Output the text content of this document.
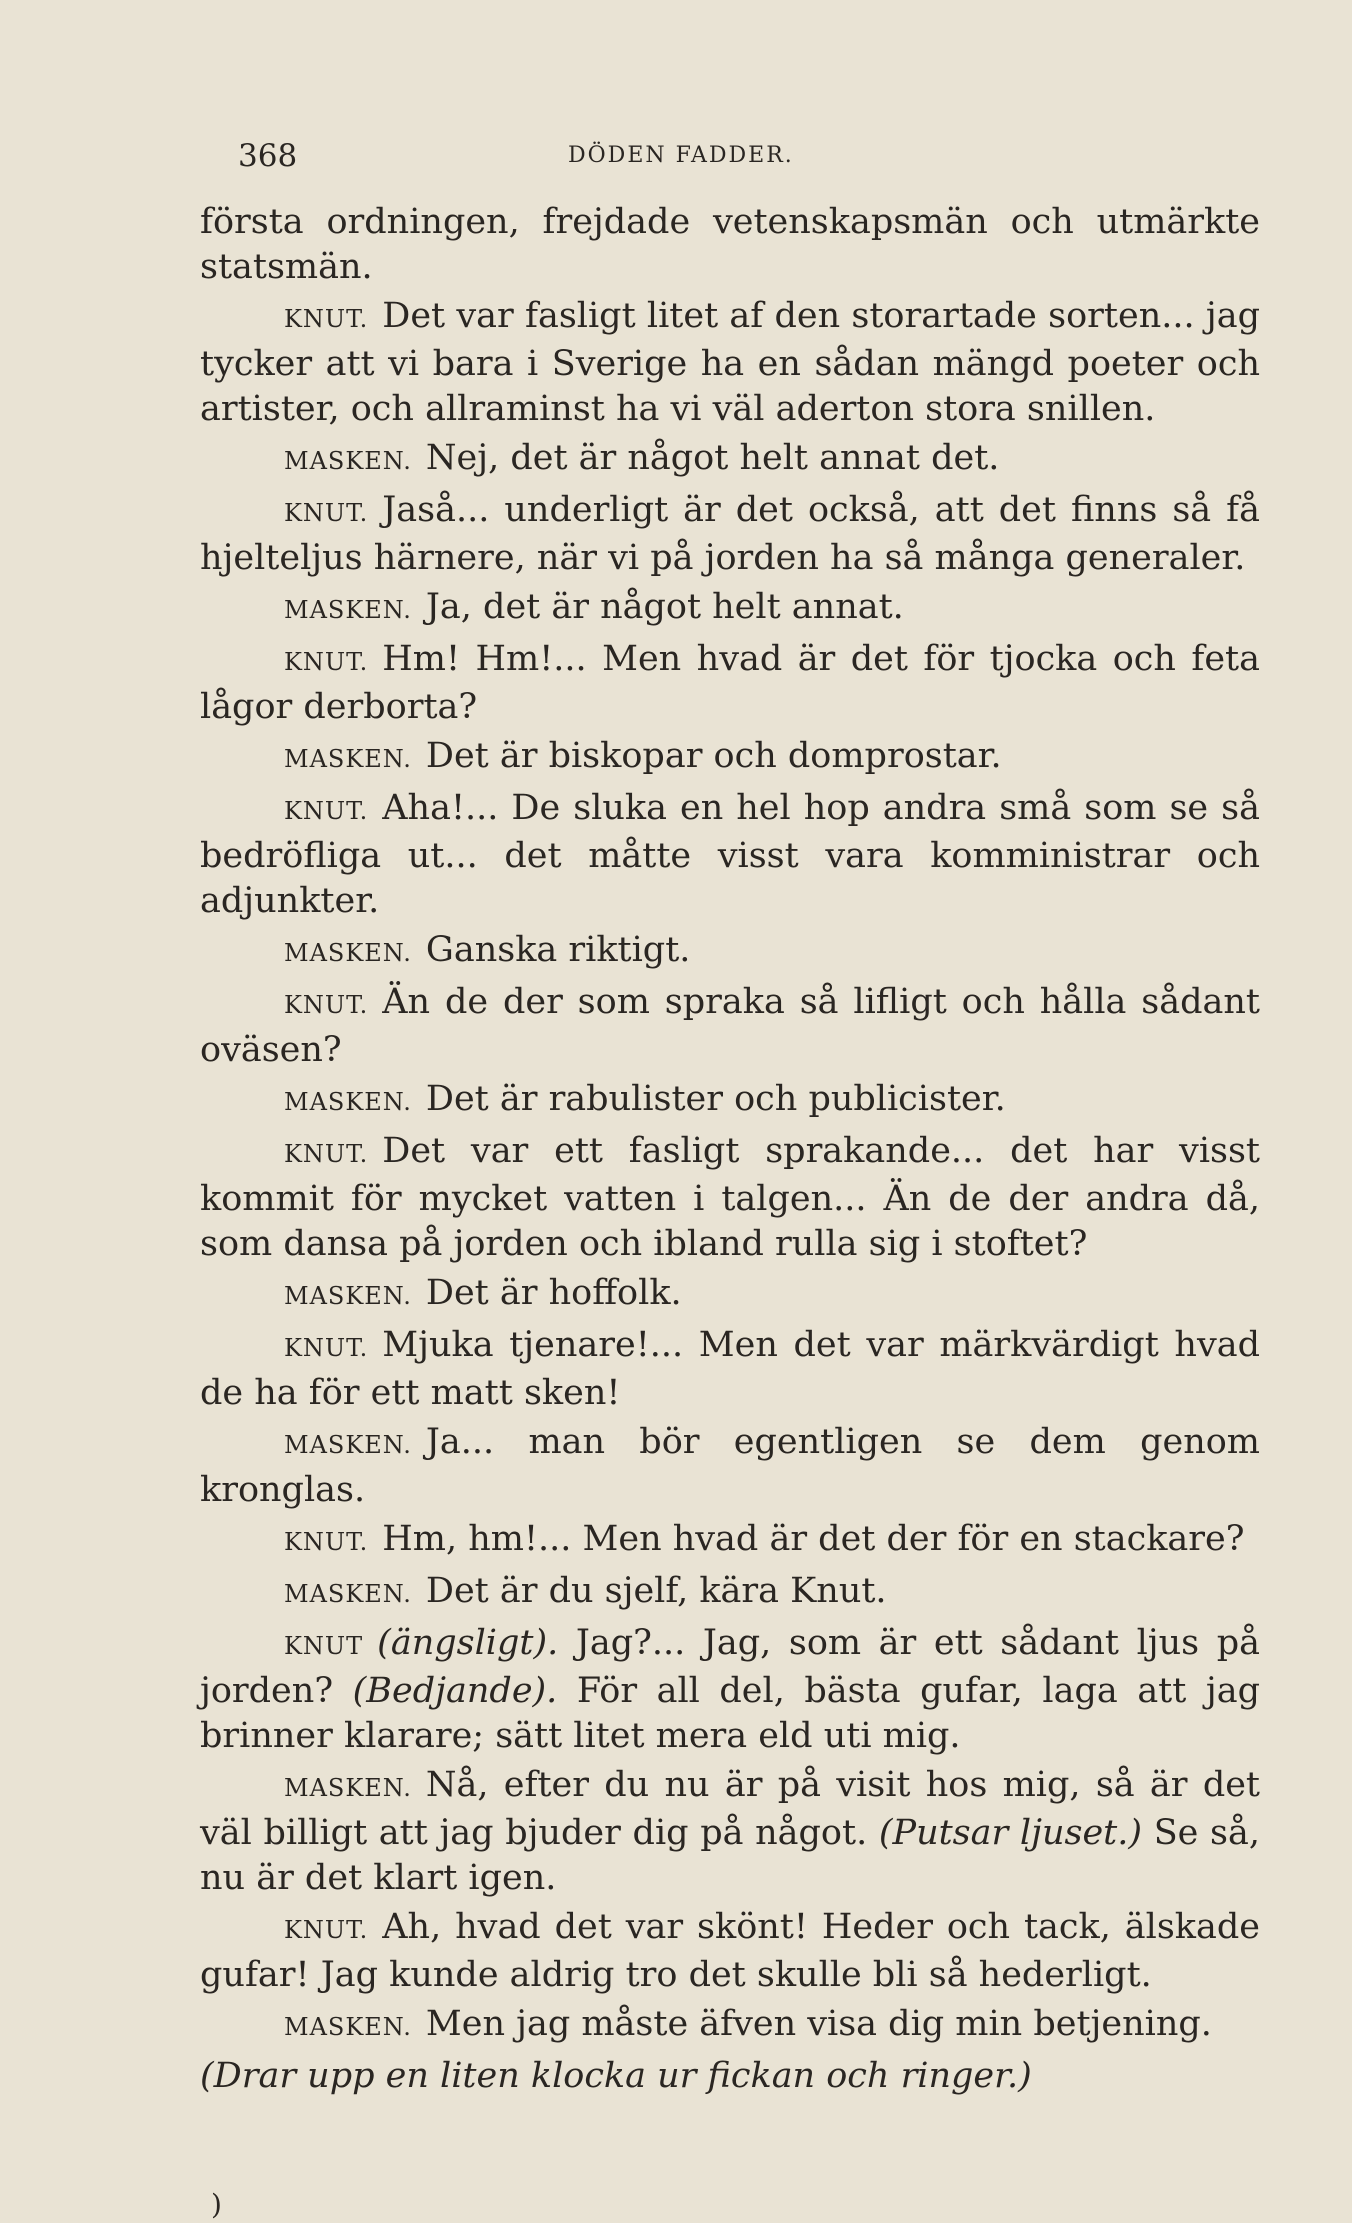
368	DÖDEN FADDER.

första ordningen, frejdade vetenskapsmän och utmärkte statsmän.

KNUT. Det var fasligt litet af den storartade sorten... jag tycker att vi bara i Sverige ha en sådan mängd poeter och artister, och allraminst ha vi väl aderton stora snillen.

MASKEN. Nej, det är något helt annat det.

KNUT. Jaså... underligt är det också, att det finns så få hjelteljus härnere, när vi på jorden ha så många generaler.

MASKEN. Ja, det är något helt annat.

KNUT. Hm! Hm!... Men hvad är det för tjocka och feta lågor derborta?

MASKEN. Det är biskopar och domprostar.

KNUT. Aha!... De sluka en hel hop andra små som se så bedröfliga ut... det måtte visst vara komministrar och adjunkter.

MASKEN. Ganska riktigt.

KNUT. Än de der som spraka så lifligt och hålla sådant oväsen?

MASKEN. Det är rabulister och publicister.

KNUT. Det var ett fasligt sprakande... det har visst kommit för mycket vatten i talgen... Än de der andra då, som dansa på jorden och ibland rulla sig i stoftet?

MASKEN. Det är hoffolk.

KNUT. Mjuka tjenare!... Men det var märkvärdigt hvad de ha för ett matt sken!

MASKEN. Ja... man bör egentligen se dem genom kronglas.

KNUT. Hm, hm!... Men hvad är det der för en stackare?

MASKEN. Det är du sjelf, kära Knut.

KNUT (ängsligt). Jag?... Jag, som är ett sådant ljus på jorden? (Bedjande). För all del, bästa gufar, laga att jag brinner klarare; sätt litet mera eld uti mig.

MASKEN. Nå, efter du nu är på visit hos mig, så är det väl billigt att jag bjuder dig på något. (Putsar ljuset.) Se så, nu är det klart igen.

KNUT. Ah, hvad det var skönt! Heder och tack, älskade gufar! Jag kunde aldrig tro det skulle bli så hederligt.

MASKEN. Men jag måste äfven visa dig min betjening.

(Drar upp en liten klocka ur fickan och ringer.)

)
